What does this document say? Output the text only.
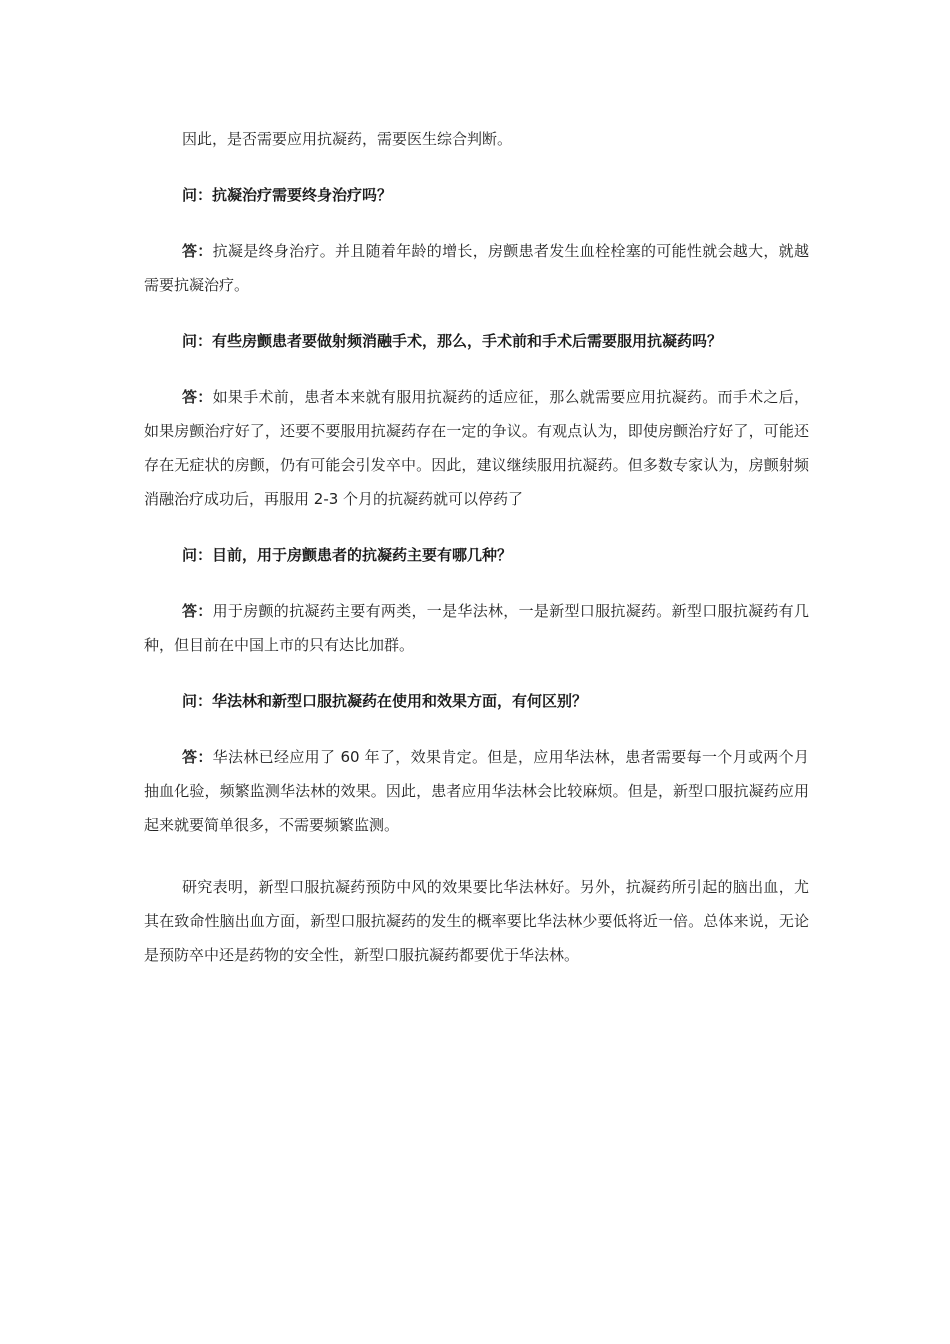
因此，是否需要应用抗凝药，需要医生综合判断。

问：抗凝治疗需要终身治疗吗？

答：抗凝是终身治疗。并且随着年龄的增长，房颤患者发生血栓栓塞的可能性就会越大，就越需要抗凝治疗。

问：有些房颤患者要做射频消融手术，那么，手术前和手术后需要服用抗凝药吗？

答：如果手术前，患者本来就有服用抗凝药的适应征，那么就需要应用抗凝药。而手术之后，如果房颤治疗好了，还要不要服用抗凝药存在一定的争议。有观点认为，即使房颤治疗好了，可能还存在无症状的房颤，仍有可能会引发卒中。因此，建议继续服用抗凝药。但多数专家认为，房颤射频消融治疗成功后，再服用 2-3 个月的抗凝药就可以停药了

问：目前，用于房颤患者的抗凝药主要有哪几种？

答：用于房颤的抗凝药主要有两类，一是华法林，一是新型口服抗凝药。新型口服抗凝药有几种，但目前在中国上市的只有达比加群。

问：华法林和新型口服抗凝药在使用和效果方面，有何区别？

答：华法林已经应用了 60 年了，效果肯定。但是，应用华法林，患者需要每一个月或两个月抽血化验，频繁监测华法林的效果。因此，患者应用华法林会比较麻烦。但是，新型口服抗凝药应用起来就要简单很多，不需要频繁监测。

研究表明，新型口服抗凝药预防中风的效果要比华法林好。另外，抗凝药所引起的脑出血，尤其在致命性脑出血方面，新型口服抗凝药的发生的概率要比华法林少要低将近一倍。总体来说，无论是预防卒中还是药物的安全性，新型口服抗凝药都要优于华法林。
